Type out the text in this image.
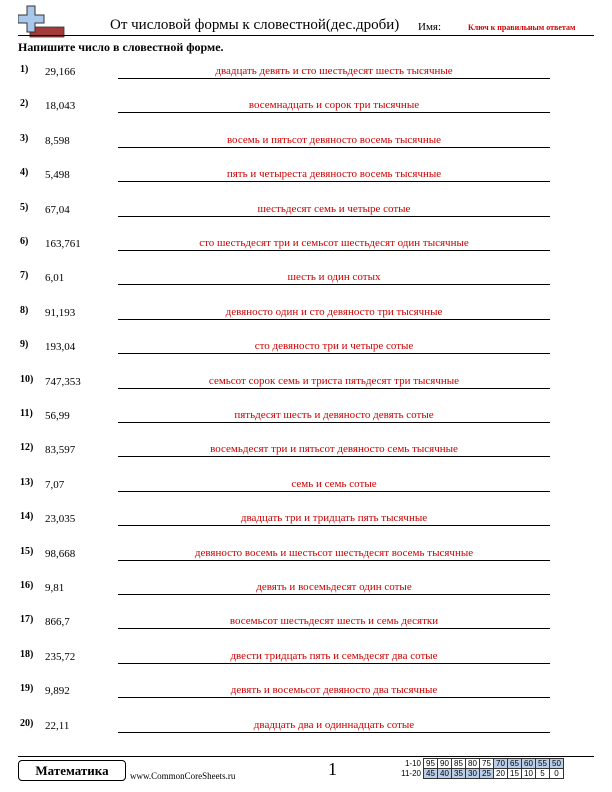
От числовой формы к словестной(дес.дроби) Имя:	Ключ к правильным ответам
Напишите число в словестной форме.
1) 29,166	двадцать девять и сто шестьдесят шесть тысячные
2) 18,043	восемнадцать и сорок три тысячные
3) 8,598	восемь и пятьсот девяносто восемь тысячные
4) 5,498	пять и четыреста девяносто восемь тысячные
5) 67,04	шестьдесят семь и четыре сотые
6) 163,761	сто шестьдесят три и семьсот шестьдесят один тысячные
7) 6,01	шесть и один сотых
8) 91,193	девяносто один и сто девяносто три тысячные
9) 193,04	сто девяносто три и четыре сотые
10) 747,353	семьсот сорок семь и триста пятьдесят три тысячные
11) 56,99	пятьдесят шесть и девяносто девять сотые
12) 83,597	восемьдесят три и пятьсот девяносто семь тысячные
13) 7,07	семь и семь сотые
14) 23,035	двадцать три и тридцать пять тысячные
15) 98,668	девяносто восемь и шестьсот шестьдесят восемь тысячные
16) 9,81	девять и восемьдесят один сотые
17) 866,7	восемьсот шестьдесят шесть и семь десятки
18) 235,72	двести тридцать пять и семьдесят два сотые
19) 9,892	девять и восемьсот девяносто два тысячные
20) 22,11	двадцать два и одиннадцать сотые
Математика	www.CommonCoreSheets.ru	1	1-10	95	90	85	80	75	70	65	60	55	50
11-20	45	40	35	30	25	20	15	10	5	0
